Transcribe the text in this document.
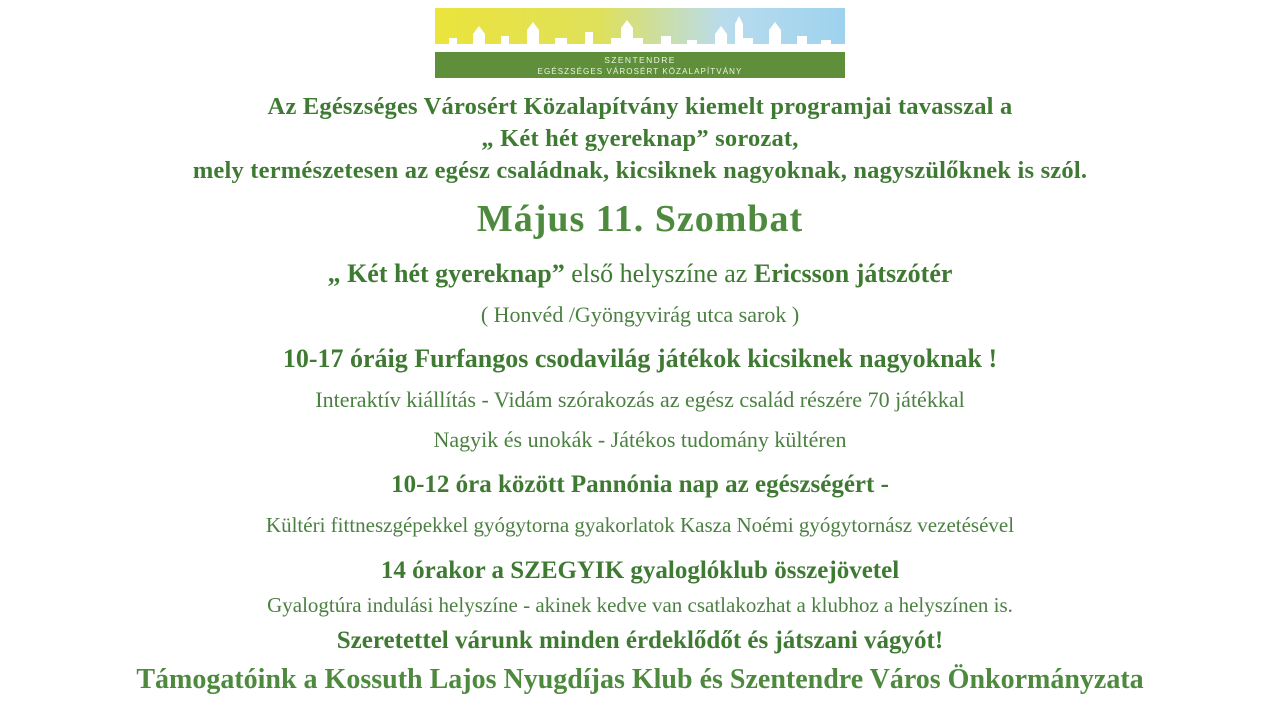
SZENTENDRE
EGÉSZSÉGES VÁROSÉRT KÖZALAPÍTVÁNY
Az Egészséges Városért Közalapítvány kiemelt programjai tavasszal a
„ Két hét gyereknap” sorozat,
mely természetesen az egész családnak, kicsiknek nagyoknak, nagyszülőknek is szól.
Május 11. Szombat
„ Két hét gyereknap” első helyszíne az Ericsson játszótér
( Honvéd /Gyöngyvirág utca sarok )
10-17 óráig Furfangos csodavilág játékok kicsiknek nagyoknak !
Interaktív kiállítás - Vidám szórakozás az egész család részére 70 játékkal
Nagyik és unokák - Játékos tudomány kültéren
10-12 óra között Pannónia nap az egészségért -
Kültéri fittneszgépekkel gyógytorna gyakorlatok Kasza Noémi gyógytornász vezetésével
14 órakor a SZEGYIK gyaloglóklub összejövetel
Gyalogtúra indulási helyszíne - akinek kedve van csatlakozhat a klubhoz a helyszínen is.
Szeretettel várunk minden érdeklődőt és játszani vágyót!
Támogatóink a Kossuth Lajos Nyugdíjas Klub és Szentendre Város Önkormányzata
